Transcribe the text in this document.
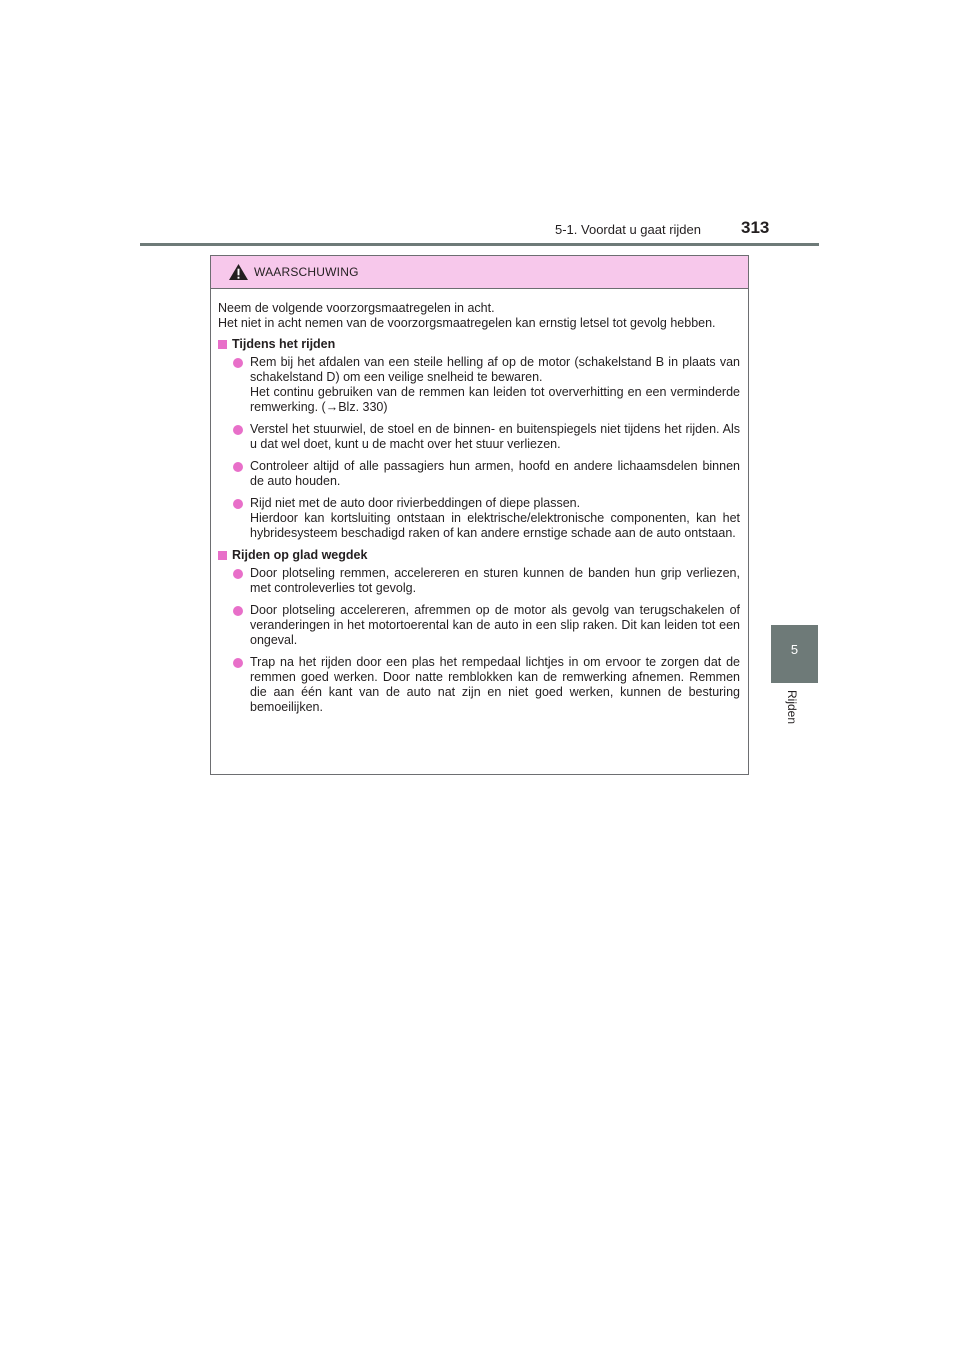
5-1. Voordat u gaat rijden 313
5
Rijden
WAARSCHUWING
Neem de volgende voorzorgsmaatregelen in acht.
Het niet in acht nemen van de voorzorgsmaatregelen kan ernstig letsel tot gevolg hebben.
Tijdens het rijden
Rem bij het afdalen van een steile helling af op de motor (schakelstand B in plaats van schakelstand D) om een veilige snelheid te bewaren.
Het continu gebruiken van de remmen kan leiden tot oververhitting en een verminderde remwerking. (→Blz. 330)
Verstel het stuurwiel, de stoel en de binnen- en buitenspiegels niet tijdens het rijden. Als u dat wel doet, kunt u de macht over het stuur verliezen.
Controleer altijd of alle passagiers hun armen, hoofd en andere lichaamsdelen binnen de auto houden.
Rijd niet met de auto door rivierbeddingen of diepe plassen.
Hierdoor kan kortsluiting ontstaan in elektrische/elektronische componenten, kan het hybridesysteem beschadigd raken of kan andere ernstige schade aan de auto ontstaan.
Rijden op glad wegdek
Door plotseling remmen, accelereren en sturen kunnen de banden hun grip verliezen, met controleverlies tot gevolg.
Door plotseling accelereren, afremmen op de motor als gevolg van terugschakelen of veranderingen in het motortoerental kan de auto in een slip raken. Dit kan leiden tot een ongeval.
Trap na het rijden door een plas het rempedaal lichtjes in om ervoor te zorgen dat de remmen goed werken. Door natte remblokken kan de remwerking afnemen. Remmen die aan één kant van de auto nat zijn en niet goed werken, kunnen de besturing bemoeilijken.
